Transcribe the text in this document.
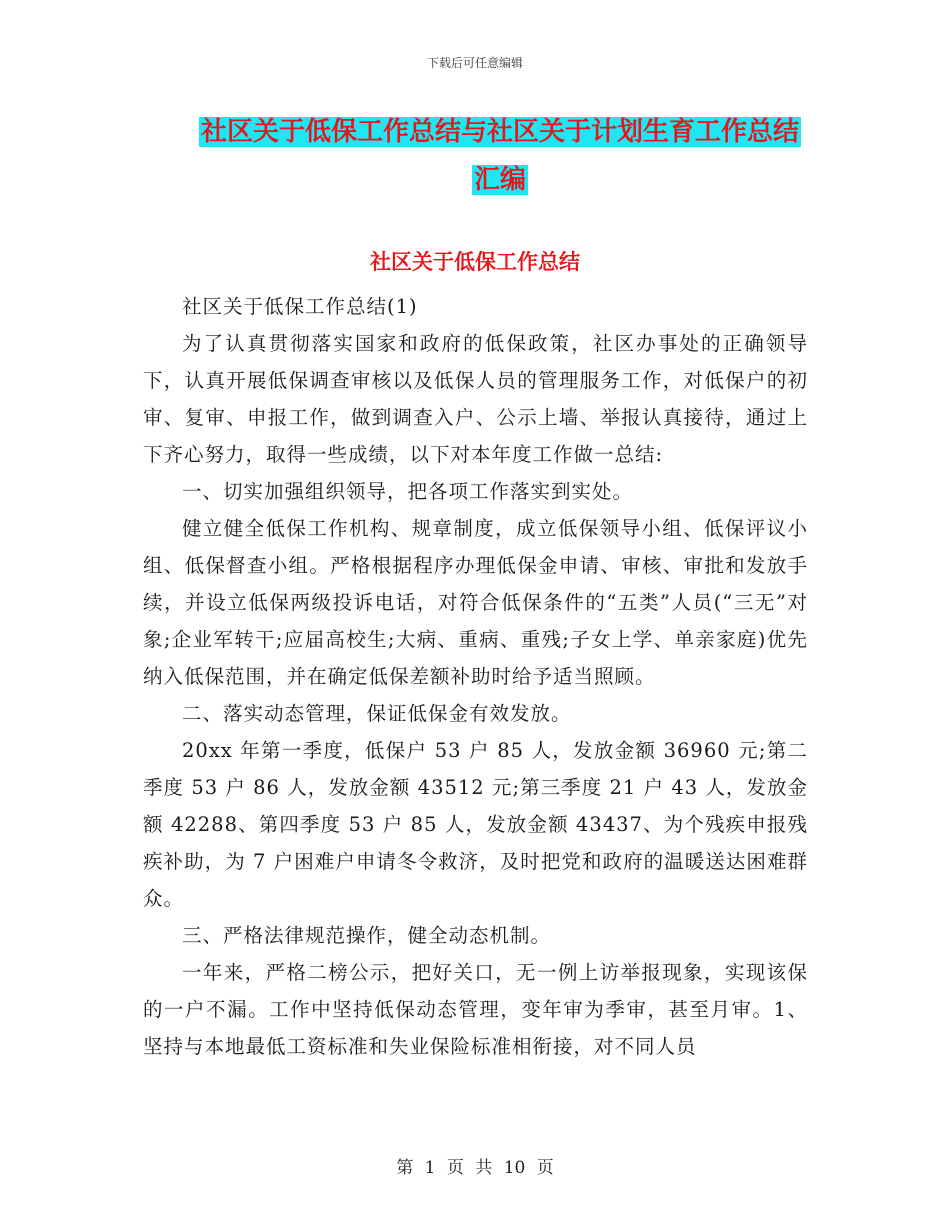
下载后可任意编辑
社区关于低保工作总结与社区关于计划生育工作总结
汇编
社区关于低保工作总结

社区关于低保工作总结(1)

为了认真贯彻落实国家和政府的低保政策，社区办事处的正确领导下，认真开展低保调查审核以及低保人员的管理服务工作，对低保户的初审、复审、申报工作，做到调查入户、公示上墙、举报认真接待，通过上下齐心努力，取得一些成绩，以下对本年度工作做一总结:

一、切实加强组织领导，把各项工作落实到实处。

健立健全低保工作机构、规章制度，成立低保领导小组、低保评议小组、低保督查小组。严格根据程序办理低保金申请、审核、审批和发放手续，并设立低保两级投诉电话，对符合低保条件的“五类”人员(“三无”对象;企业军转干;应届高校生;大病、重病、重残;子女上学、单亲家庭)优先纳入低保范围，并在确定低保差额补助时给予适当照顾。

二、落实动态管理，保证低保金有效发放。

20xx 年第一季度，低保户 53 户 85 人，发放金额 36960 元;第二季度 53 户 86 人，发放金额 43512 元;第三季度 21 户 43 人，发放金额 42288、第四季度 53 户 85 人，发放金额 43437、为个残疾申报残疾补助，为 7 户困难户申请冬令救济，及时把党和政府的温暖送达困难群众。

三、严格法律规范操作，健全动态机制。

一年来，严格二榜公示，把好关口，无一例上访举报现象，实现该保的一户不漏。工作中坚持低保动态管理，变年审为季审，甚至月审。1、坚持与本地最低工资标准和失业保险标准相衔接，对不同人员

第 1 页 共 10 页
